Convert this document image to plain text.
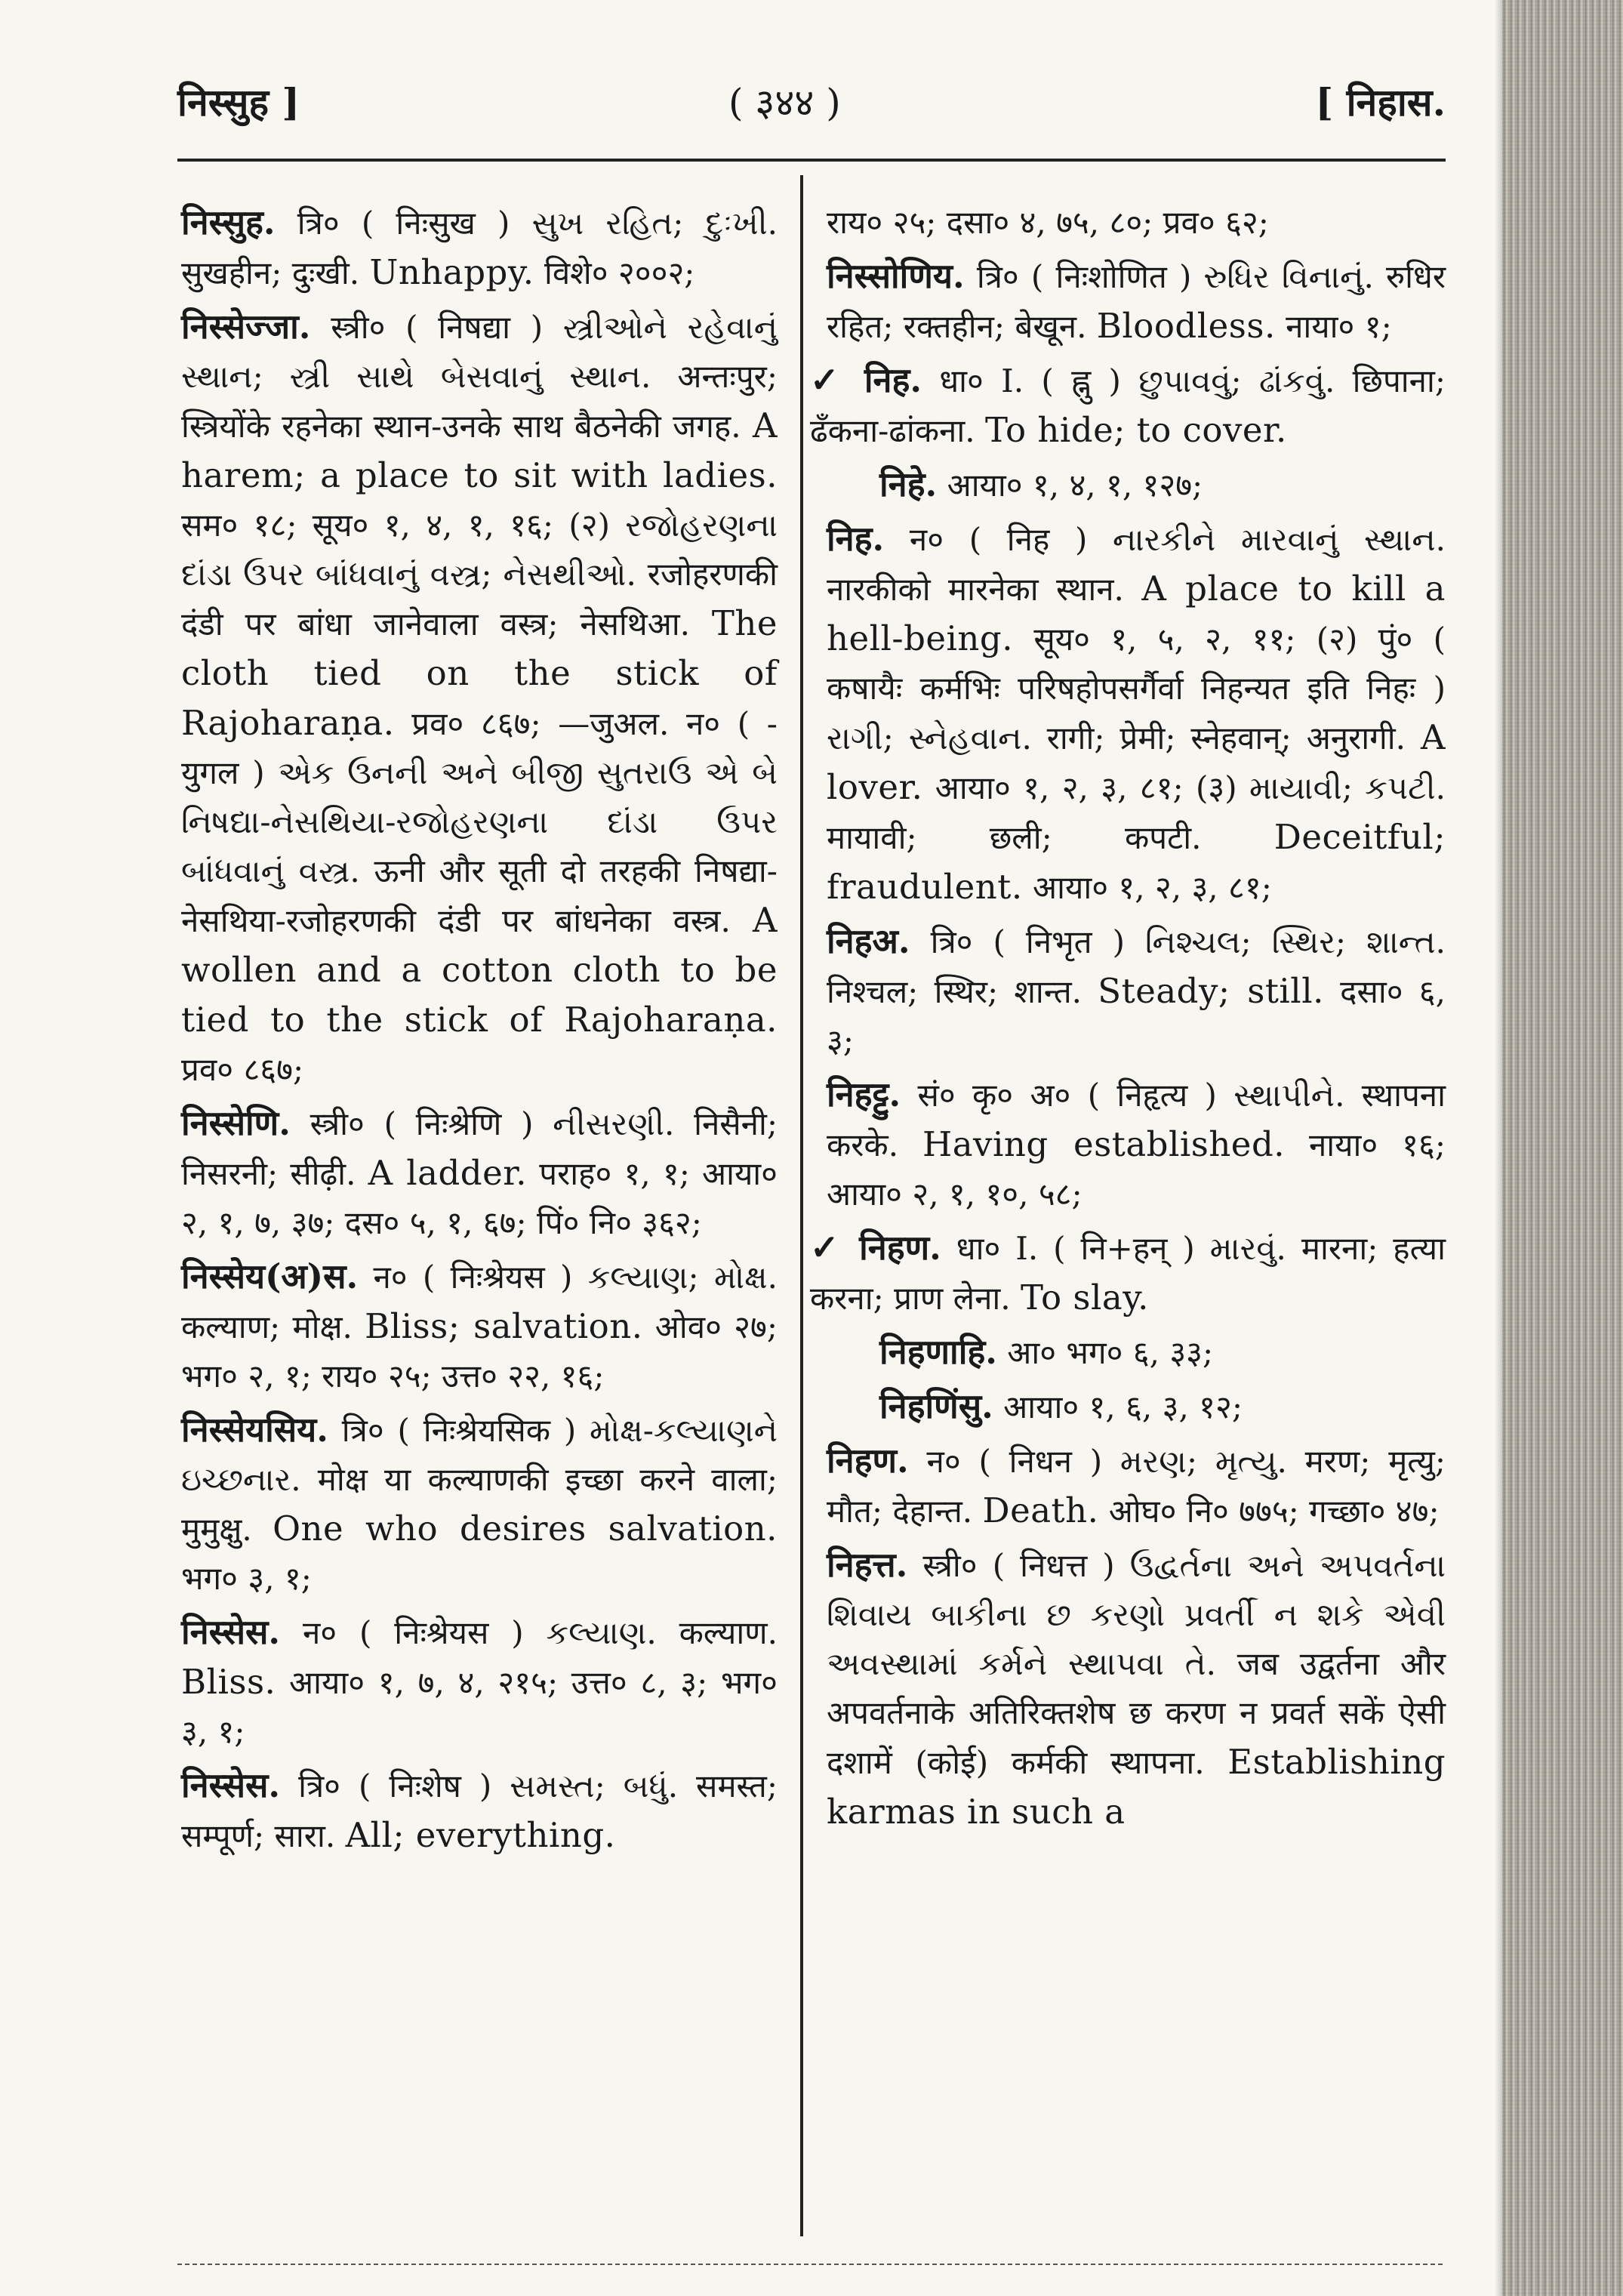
निस्सुह ]	( ३४४ )	[ निहास.
निस्सुह. त्रि० ( निःसुख ) સુખ રહિત; દુઃખી. सुखहीन; दुःखी. Unhappy. विशे० २००२;
निस्सेज्जा. स्त्री० ( निषद्या ) સ્ત્રીઓને રહેવાનું સ્થાન; સ્ત્રી સાથે બેસવાનું સ્થાન. अन्तःपुर; स्त्रियोंके रहनेका स्थान-उनके साथ बैठनेकी जगह. A harem; a place to sit with ladies. सम० १८; सूय० १, ४, १, १६; (२) રજોહરણના દાંડા ઉપર બાંધવાનું વસ્ત્ર; નેસથીઓ. रजोहरणकी दंडी पर बांधा जानेवाला वस्त्र; नेसथिआ. The cloth tied on the stick of Rajoharaṇa. प्रव० ८६७; —जुअल. न० ( -युगल ) એક ઉનની અને બીજી સુતરાઉ એ બે નિષદ્યા-નેસથિયા-રજોહરણના દાંડા ઉપર બાંધવાનું વસ્ત્ર. ऊनी और सूती दो तरहकी निषद्या-नेसथिया-रजोहरणकी दंडी पर बांधनेका वस्त्र. A wollen and a cotton cloth to be tied to the stick of Rajoharaṇa. प्रव० ८६७;
निस्सेणि. स्त्री० ( निःश्रेणि ) નીસરણી. निसैनी; निसरनी; सीढ़ी. A ladder. पराह० १, १; आया० २, १, ७, ३७; दस० ५, १, ६७; पिं० नि० ३६२;
निस्सेय(अ)स. न० ( निःश्रेयस ) કલ્યાણ; મોક્ષ. कल्याण; मोक्ष. Bliss; salvation. ओव० २७; भग० २, १; राय० २५; उत्त० २२, १६;
निस्सेयसिय. त्रि० ( निःश्रेयसिक ) મોક્ષ-કલ્યાણને ઇચ્છનાર. मोक्ष या कल्याणकी इच्छा करने वाला; मुमुक्षु. One who desires salvation. भग० ३, १;
निस्सेस. न० ( निःश्रेयस ) કલ્યાણ. कल्याण. Bliss. आया० १, ७, ४, २१५; उत्त० ८, ३; भग० ३, १;
निस्सेस. त्रि० ( निःशेष ) સમસ્ત; બધું. समस्त; सम्पूर्ण; सारा. All; everything.
राय० २५; दसा० ४, ७५, ८०; प्रव० ६२;
निस्सोणिय. त्रि० ( निःशोणित ) રુધિર વિનાનું. रुधिर रहित; रक्तहीन; बेखून. Bloodless. नाया० १;
✓ निह. धा० I. ( ह्नु ) છુપાવવું; ઢાંકવું. छिपाना; ढँकना-ढांकना. To hide; to cover.
निहे. आया० १, ४, १, १२७;
निह. न० ( निह ) નારકીને મારવાનું સ્થાન. नारकीको मारनेका स्थान. A place to kill a hell-being. सूय० १, ५, २, ११; (२) पुं० ( कषायैः कर्मभिः परिषहोपसर्गैर्वा निहन्यत इति निहः ) રાગી; સ્નેહવાન. रागी; प्रेमी; स्नेहवान्; अनुरागी. A lover. आया० १, २, ३, ८१; (३) માયાવી; કપટી. मायावी; छली; कपटी. Deceitful; fraudulent. आया० १, २, ३, ८१;
निहअ. त्रि० ( निभृत ) નિશ્ચલ; સ્થિર; શાન્ત. निश्चल; स्थिर; शान्त. Steady; still. दसा० ६, ३;
निहट्टु. सं० कृ० अ० ( निहृत्य ) સ્થાપીને. स्थापना करके. Having established. नाया० १६; आया० २, १, १०, ५८;
✓ निहण. धा० I. ( नि+हन् ) મારવું. मारना; हत्या करना; प्राण लेना. To slay.
निहणाहि. आ० भग० ६, ३३;
निहणिंसु. आया० १, ६, ३, १२;
निहण. न० ( निधन ) મરણ; મૃત્યુ. मरण; मृत्यु; मौत; देहान्त. Death. ओघ० नि० ७७५; गच्छा० ४७;
निहत्त. स्त्री० ( निधत्त ) ઉદ્વર્તના અને અપવર્તના શિવાય બાકીના છ કરણો પ્રવર્તી ન શકે એવી અવસ્થામાં કર્મને સ્થાપવા તે. जब उद्वर्तना और अपवर्तनाके अतिरिक्तशेष छ करण न प्रवर्त सकें ऐसी दशामें (कोई) कर्मकी स्थापना. Establishing karmas in such a
